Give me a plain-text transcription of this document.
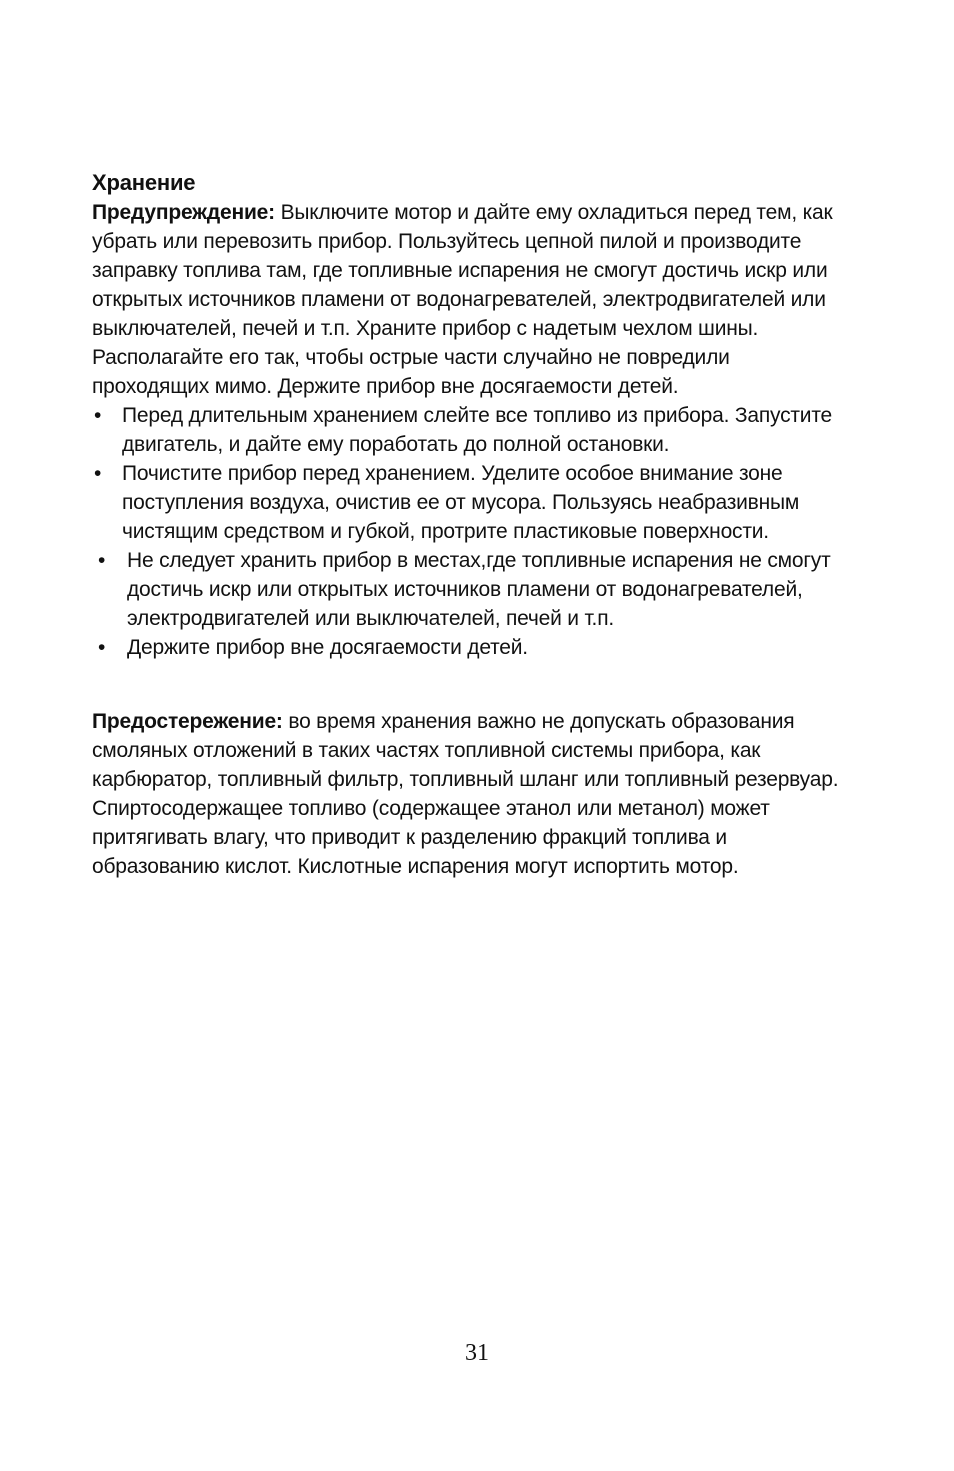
Хранение

Предупреждение: Выключите мотор и дайте ему охладиться перед тем, как убрать или перевозить прибор. Пользуйтесь цепной пилой и производите заправку топлива там, где топливные испарения не смогут достичь искр или открытых источников пламени от водонагревателей, электродвигателей или выключателей, печей и т.п. Храните прибор с надетым чехлом шины. Располагайте его так, чтобы острые части случайно не повредили проходящих мимо. Держите прибор вне досягаемости детей.

• Перед длительным хранением слейте все топливо из прибора. Запустите двигатель, и дайте ему поработать до полной остановки.
• Почистите прибор перед хранением. Уделите особое внимание зоне поступления воздуха, очистив ее от мусора. Пользуясь неабразивным чистящим средством и губкой, протрите пластиковые поверхности.
• Не следует хранить прибор в местах,где топливные испарения не смогут достичь искр или открытых источников пламени от водонагревателей, электродвигателей или выключателей, печей и т.п.
• Держите прибор вне досягаемости детей.

Предостережение: во время хранения важно не допускать образования смоляных отложений в таких частях топливной системы прибора, как карбюратор, топливный фильтр, топливный шланг или топливный резервуар. Спиртосодержащее топливо (содержащее этанол или метанол) может притягивать влагу, что приводит к разделению фракций топлива и образованию кислот. Кислотные испарения могут испортить мотор.

31
